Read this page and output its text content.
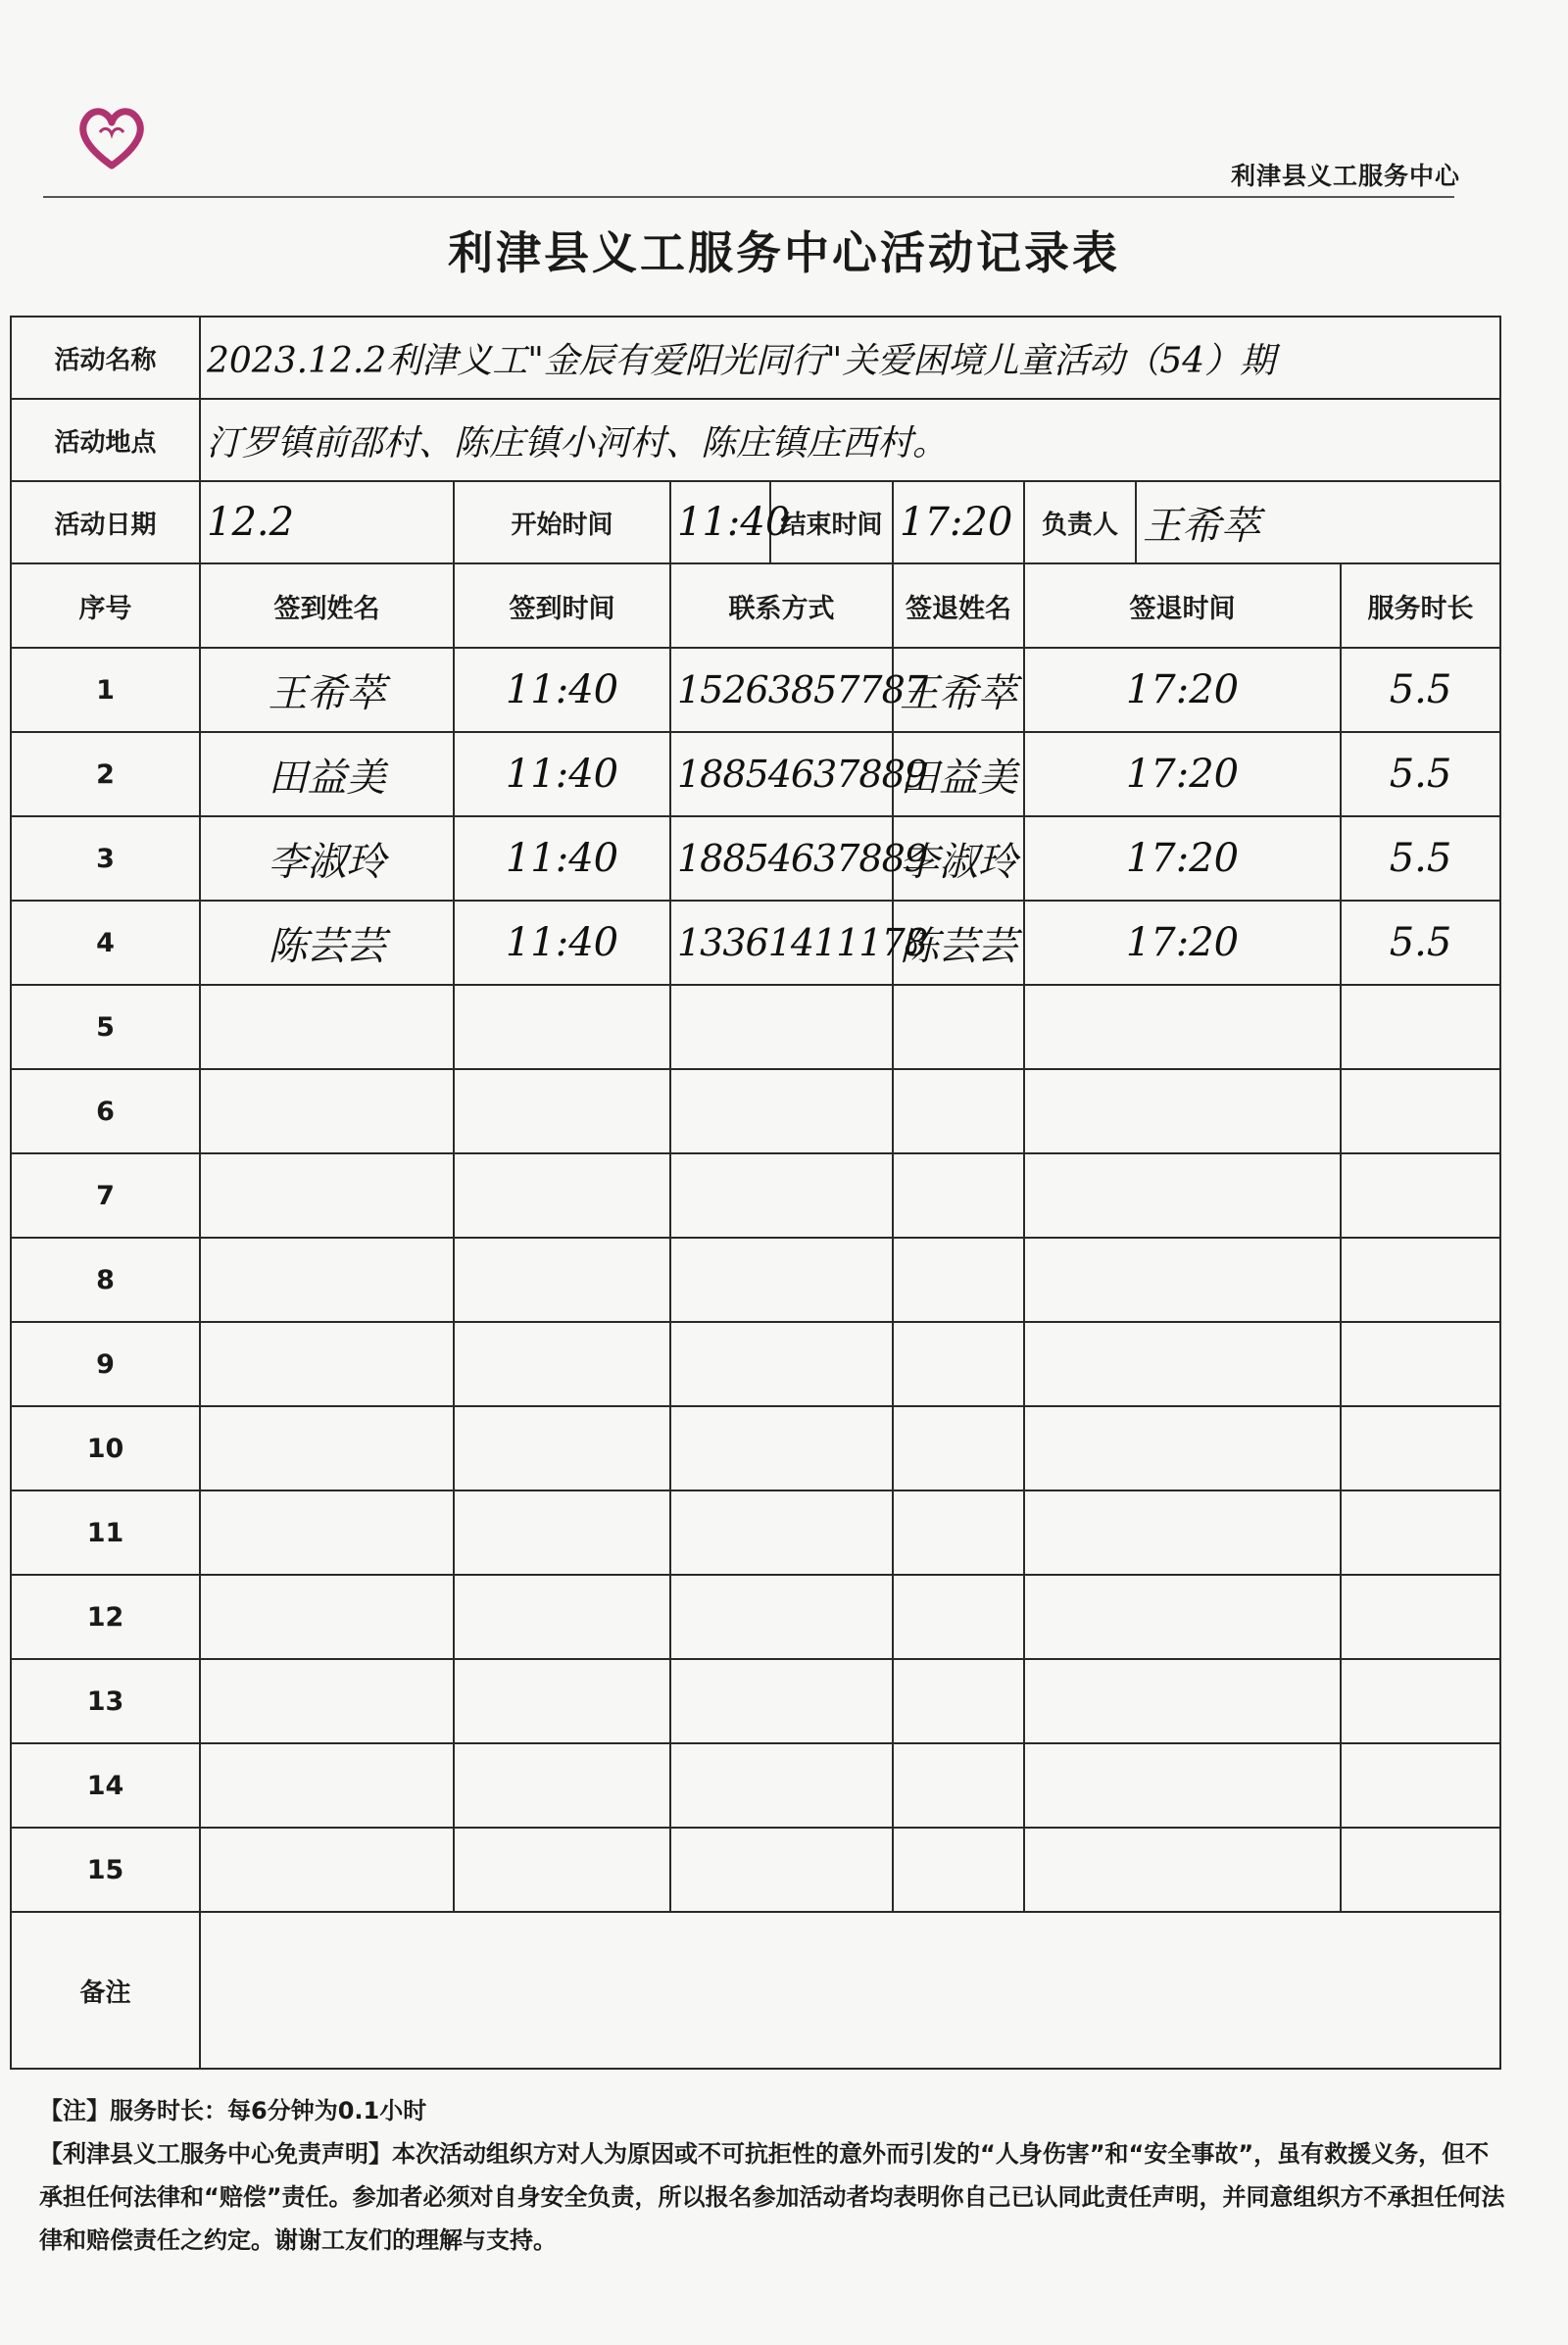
利津县义工服务中心
利津县义工服务中心活动记录表
活动名称	2023.12.2利津义工"金辰有爱阳光同行"关爱困境儿童活动（54）期							
活动地点	汀罗镇前邵村、陈庄镇小河村、陈庄镇庄西村。							
活动日期	12.2	开始时间	11:40	结束时间	17:20	负责人	王希萃	
序号	签到姓名	签到时间	联系方式		签退姓名	签退时间		服务时长
1	王希萃	11:40	15263857787		王希萃	17:20		5.5
2	田益美	11:40	18854637889		田益美	17:20		5.5
3	李淑玲	11:40	18854637889		李淑玲	17:20		5.5
4	陈芸芸	11:40	13361411178		陈芸芸	17:20		5.5
5								
6								
7								
8								
9								
10								
11								
12								
13								
14								
15								
备注								

【注】服务时长：每6分钟为0.1小时

【利津县义工服务中心免责声明】本次活动组织方对人为原因或不可抗拒性的意外而引发的“人身伤害”和“安全事故”，虽有救援义务，但不承担任何法律和“赔偿”责任。参加者必须对自身安全负责，所以报名参加活动者均表明你自己已认同此责任声明，并同意组织方不承担任何法律和赔偿责任之约定。谢谢工友们的理解与支持。
